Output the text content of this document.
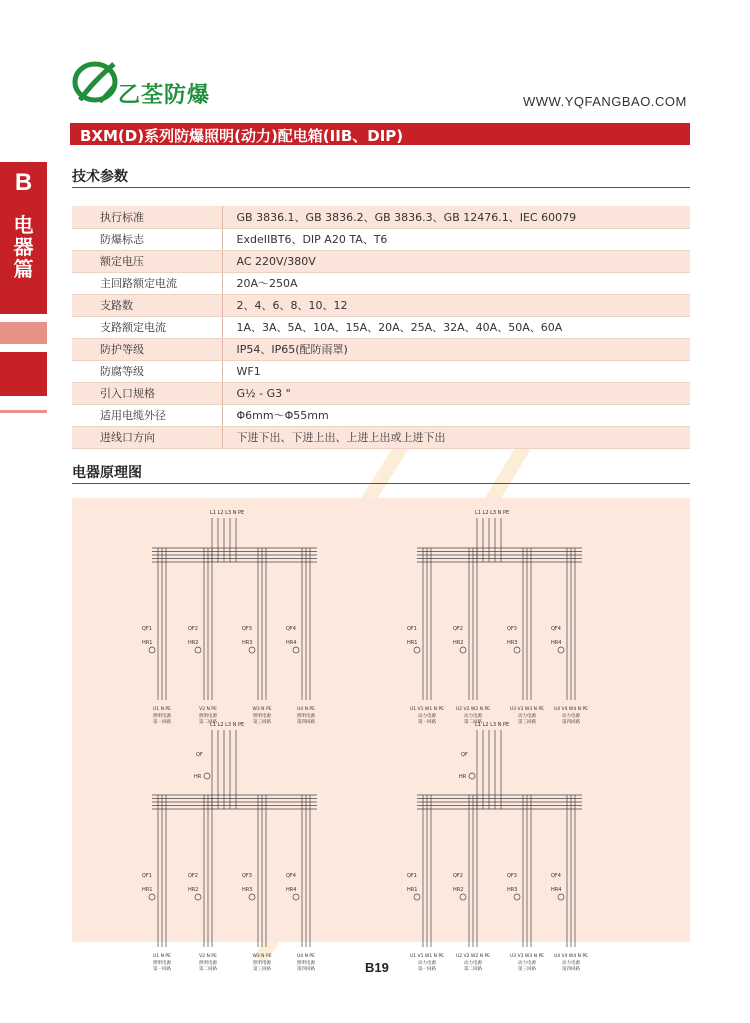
乙荃防爆	WWW.YQFANGBAO.COM
BXM(D)系列防爆照明(动力)配电箱(IIB、DIP)
B
电
器
篇
技术参数
执行标准	GB 3836.1、GB 3836.2、GB 3836.3、GB 12476.1、IEC 60079
防爆标志	ExdeIIBT6、DIP A20 TA、T6
额定电压	AC 220V/380V
主回路额定电流	20A～250A
支路数	2、4、6、8、10、12
支路额定电流	1A、3A、5A、10A、15A、20A、25A、32A、40A、50A、60A
防护等级	IP54、IP65(配防雨罩)
防腐等级	WF1
引入口规格	G½ - G3 "
适用电缆外径	Φ6mm～Φ55mm
进线口方向	下进下出、下进上出、上进上出或上进下出
电器原理图
L1 L2 L3 N PE
QF1
HR1
U1 N PE
照明电源第一回路
QF2
HR2
V2 N PE
照明电源第二回路
QF3
HR3
W3 N PE
照明电源第三回路
QF4
HR4
U4 N PE
照明电源第四回路
L1 L2 L3 N PE
QF1
HR1
U1 V1 W1 N PE
动力电源第一回路
QF2
HR2
U2 V2 W2 N PE
动力电源第二回路
QF3
HR3
U3 V3 W3 N PE
动力电源第三回路
QF4
HR4
U4 V4 W4 N PE
动力电源第四回路
L1 L2 L3 N PE
QF
HR
QF1
HR1
U1 N PE
照明电源第一回路
QF2
HR2
V2 N PE
照明电源第二回路
QF3
HR3
W3 N PE
照明电源第三回路
QF4
HR4
U4 N PE
照明电源第四回路
L1 L2 L3 N PE
QF
HR
QF1
HR1
U1 V1 W1 N PE
动力电源第一回路
QF2
HR2
U2 V2 W2 N PE
动力电源第二回路
QF3
HR3
U3 V3 W3 N PE
动力电源第三回路
QF4
HR4
U4 V4 W4 N PE
动力电源第四回路
B19
